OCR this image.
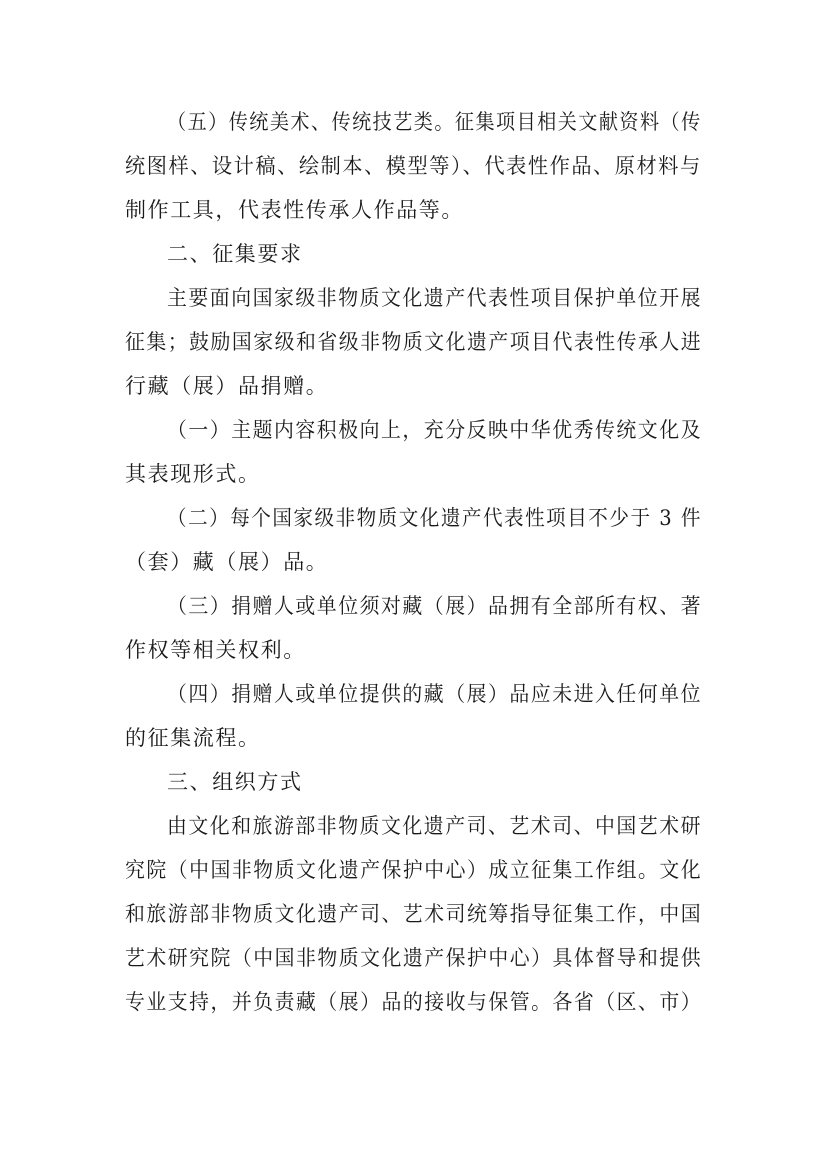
（五）传统美术、传统技艺类。征集项目相关文献资料（传
统图样、设计稿、绘制本、模型等）、代表性作品、原材料与
制作工具，代表性传承人作品等。
二、征集要求
主要面向国家级非物质文化遗产代表性项目保护单位开展
征集；鼓励国家级和省级非物质文化遗产项目代表性传承人进
行藏（展）品捐赠。
（一）主题内容积极向上，充分反映中华优秀传统文化及
其表现形式。
（二）每个国家级非物质文化遗产代表性项目不少于 3 件
（套）藏（展）品。
（三）捐赠人或单位须对藏（展）品拥有全部所有权、著
作权等相关权利。
（四）捐赠人或单位提供的藏（展）品应未进入任何单位
的征集流程。
三、组织方式
由文化和旅游部非物质文化遗产司、艺术司、中国艺术研
究院（中国非物质文化遗产保护中心）成立征集工作组。文化
和旅游部非物质文化遗产司、艺术司统筹指导征集工作，中国
艺术研究院（中国非物质文化遗产保护中心）具体督导和提供
专业支持，并负责藏（展）品的接收与保管。各省（区、市）
